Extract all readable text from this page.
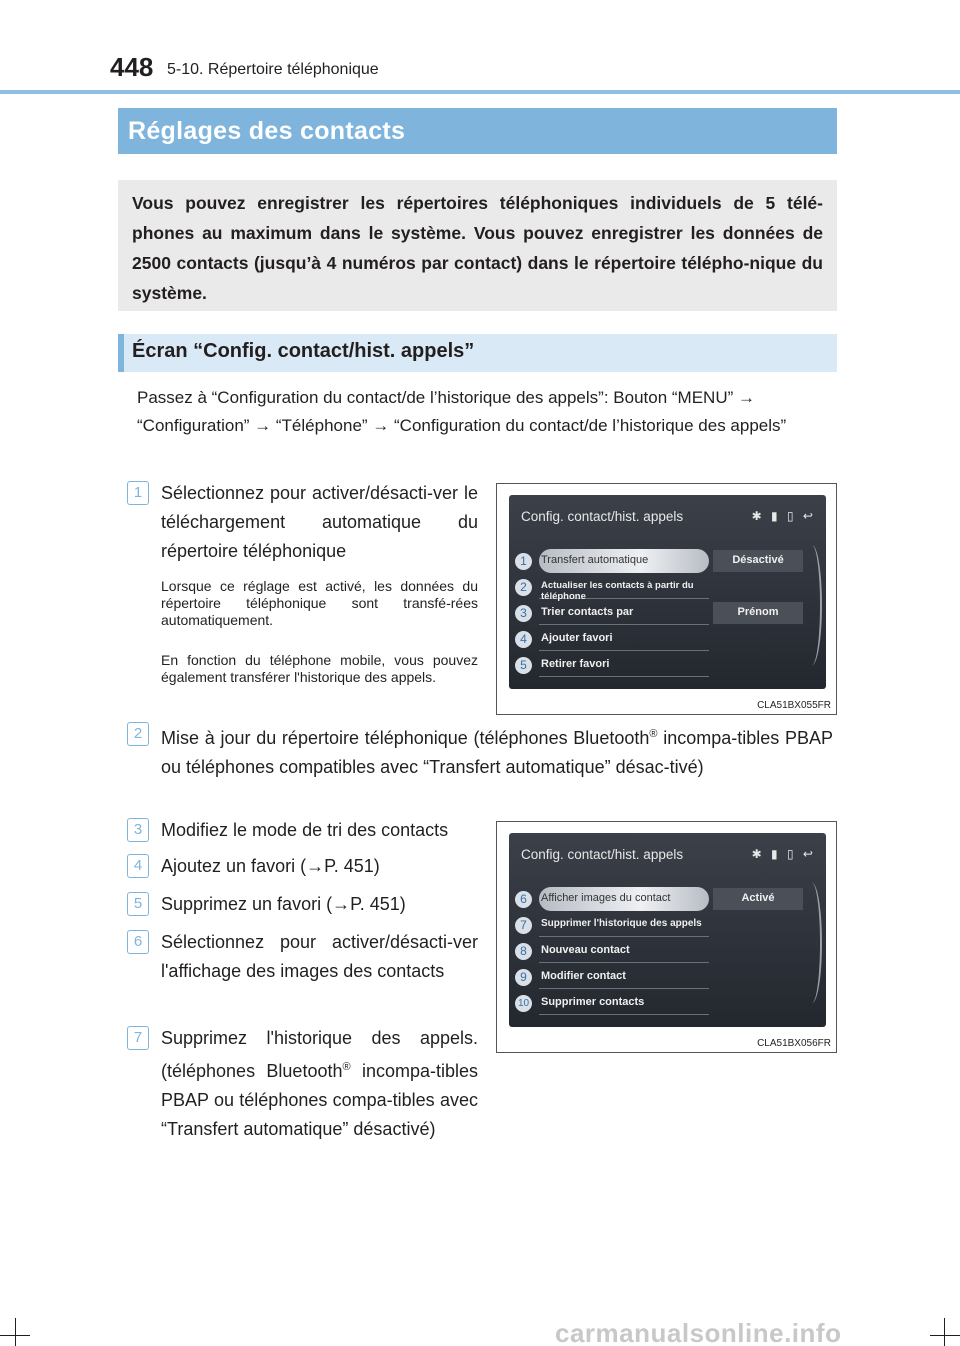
448 5-10. Répertoire téléphonique
Réglages des contacts

Vous pouvez enregistrer les répertoires téléphoniques individuels de 5 télé-phones au maximum dans le système. Vous pouvez enregistrer les données de 2500 contacts (jusqu’à 4 numéros par contact) dans le répertoire télépho-nique du système.

Écran “Config. contact/hist. appels”
Passez à “Configuration du contact/de l’historique des appels”: Bouton “MENU” → “Configuration” → “Téléphone” → “Configuration du contact/de l’historique des appels”
1	Sélectionnez pour activer/désacti-ver le téléchargement automatique du répertoire téléphonique
Lorsque ce réglage est activé, les données du répertoire téléphonique sont transfé-rées automatiquement.
En fonction du téléphone mobile, vous pouvez également transférer l'historique des appels.
Config. contact/hist. appels	✱ ▮ ▯ ↩
1	Transfert automatique	Désactivé
2	Actualiser les contacts à partir du téléphone
3	Trier contacts par	Prénom
4	Ajouter favori
5	Retirer favori
CLA51BX055FR
2	Mise à jour du répertoire téléphonique (téléphones Bluetooth® incompa-tibles PBAP ou téléphones compatibles avec “Transfert automatique” désac-tivé)
3	Modifiez le mode de tri des contacts
4	Ajoutez un favori (→P. 451)
5	Supprimez un favori (→P. 451)
6	Sélectionnez pour activer/désacti-ver l'affichage des images des contacts
7	Supprimez l'historique des appels. (téléphones Bluetooth® incompa-tibles PBAP ou téléphones compa-tibles avec “Transfert automatique” désactivé)
Config. contact/hist. appels	✱ ▮ ▯ ↩
6	Afficher images du contact	Activé
7	Supprimer l'historique des appels
8	Nouveau contact
9	Modifier contact
10 Supprimer contacts
CLA51BX056FR
carmanualsonline.info
